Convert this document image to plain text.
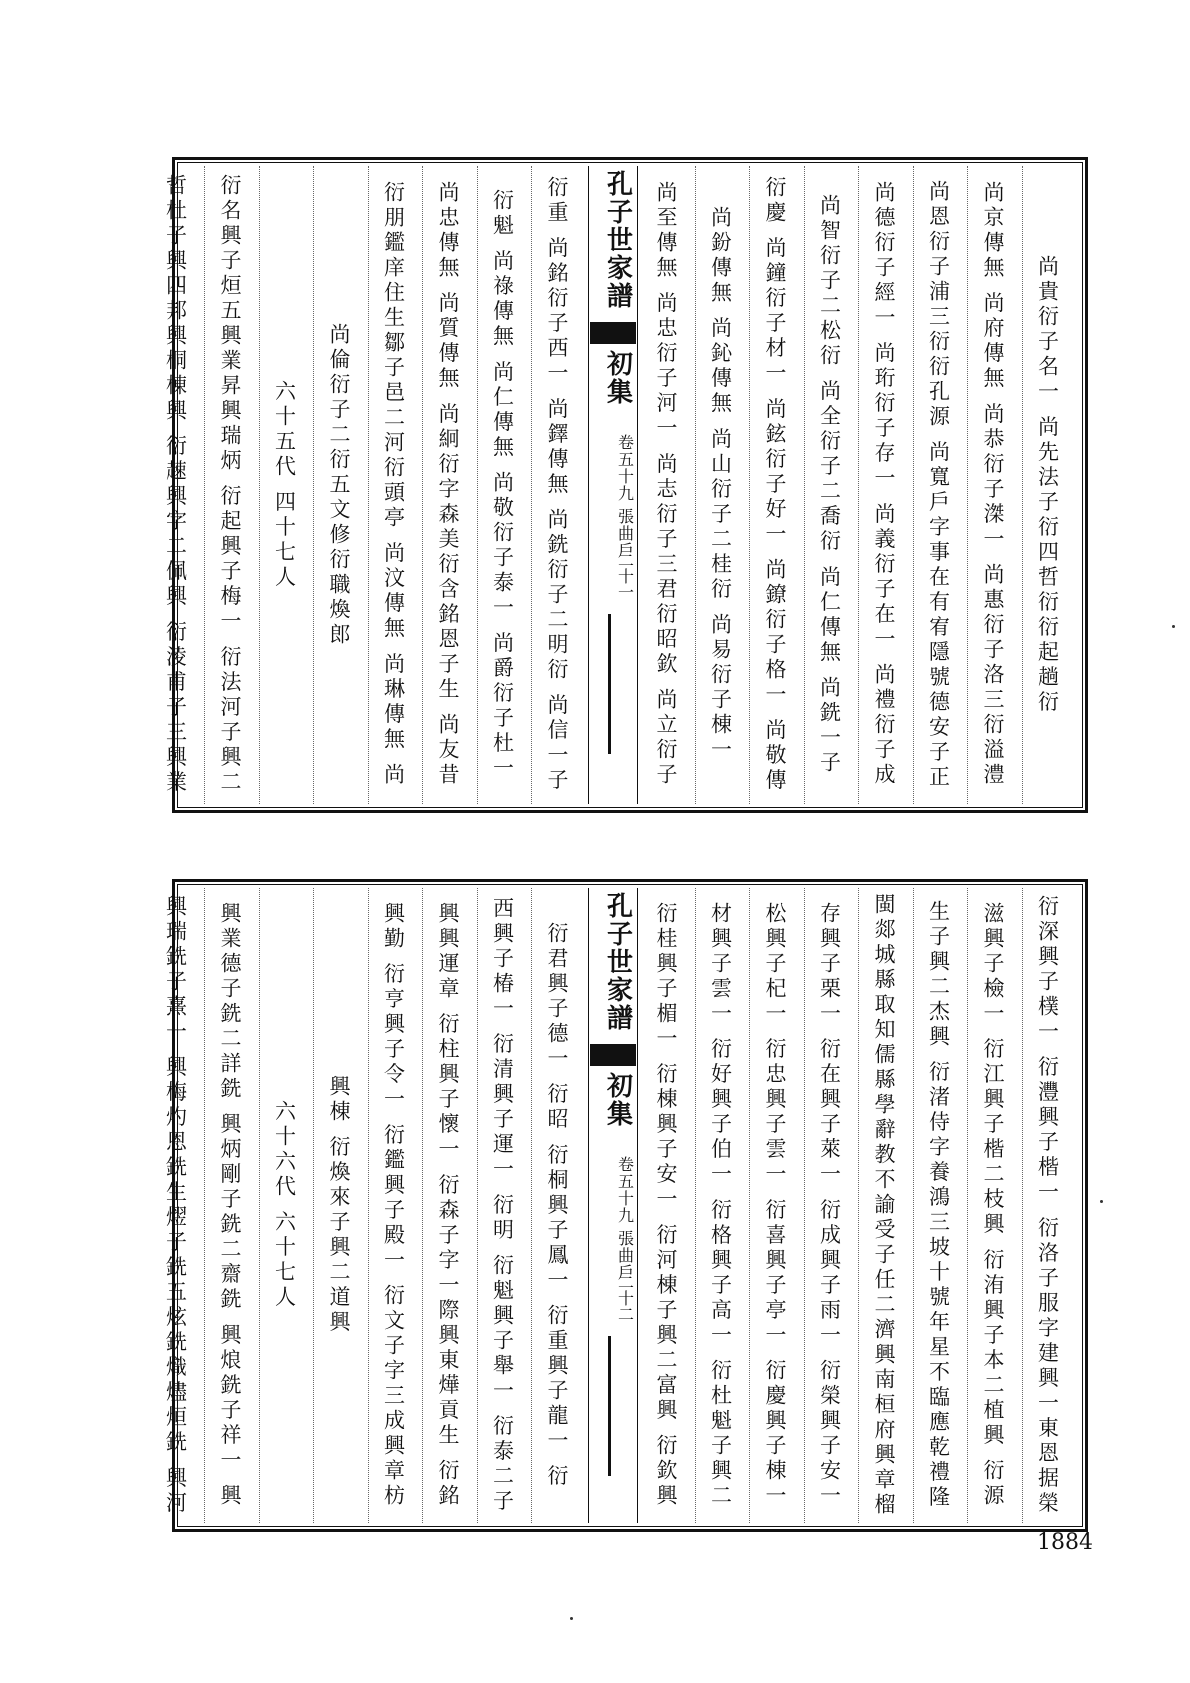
尚貴衍子名一 尚先法子衍四哲衍衍起趟衍
尚京傳無 尚府傳無 尚恭衍子滐一 尚惠衍子洛三衍溢澧
尚恩衍子浦三衍衍孔源 尚寬戶字事在有宥隱號德安子正
尚德衍子經一 尚珩衍子存一 尚義衍子在一 尚禮衍子成
尚智衍子二松衍 尚全衍子二喬衍 尚仁傳無 尚銑一子
衍慶 尚鐘衍子材一 尚鉉衍子好一 尚鐐衍子格一 尚敬傳
尚鈖傳無 尚鈊傳無 尚山衍子二桂衍 尚易衍子棟一
尚至傳無 尚忠衍子河一 尚志衍子三君衍昭欽 尚立衍子
孔子世家譜
初集
卷五十九 張曲戶
二十一
衍重 尚銘衍子西一 尚鐸傳無 尚銑衍子二明衍 尚信一子
衍魁 尚祿傳無 尚仁傳無 尚敬衍子泰一 尚爵衍子杜一
尚忠傳無 尚質傳無 尚絅衍字森美衍含銘恩子生 尚友昔
衍朋鑑庠住生鄒子邑二河衍頭亭 尚汶傳無 尚琳傳無 尚
尚倫衍子二衍五文修衍職煥郎
六十五代 四十七人
衍名興子烜五興業昇興瑞炳 衍起興子梅一 衍法河子興二
哲杜子興四邦興桐棟興 衍趚興字二佩興 衍淩甫子三興業
衍深興子樸一 衍灃興子楷一 衍洛子服字建興一東恩据榮
滋興子檢一 衍江興子楷二枝興 衍洧興子本二植興 衍源
生子興二杰興 衍渚侍字養鴻三坡十號年星不臨應乾禮隆
閩郯城縣取知儒縣學辭教不諭受子任二濟興南桓府興章榴
存興子栗一 衍在興子萊一 衍成興子雨一 衍榮興子安一
松興子杞一 衍忠興子雲一 衍喜興子亭一 衍慶興子棟一
材興子雲一 衍好興子伯一 衍格興子高一 衍杜魁子興二
衍桂興子楣一 衍棟興子安一 衍河棟子興二富興 衍欽興
孔子世家譜
初集
卷五十九 張曲戶
二十二
衍君興子德一 衍昭 衍桐興子鳳一 衍重興子龍一 衍
西興子椿一 衍清興子運一 衍明 衍魁興子舉一 衍泰二子
興興運章 衍柱興子懷一 衍森子字一際興東燁貢生 衍銘
興勤 衍亨興子令一 衍鑑興子殿一 衍文子字三成興章枋
興棟 衍煥來子興二道興
六十六代 六十七人
興業德子銑二詳銑 興炳剛子銑二齋銑 興烺銑子祥一 興
興瑞銑子熹一 興梅灼恩銑生熤子銑五炫銑熾燼烜銑 興河
1884
